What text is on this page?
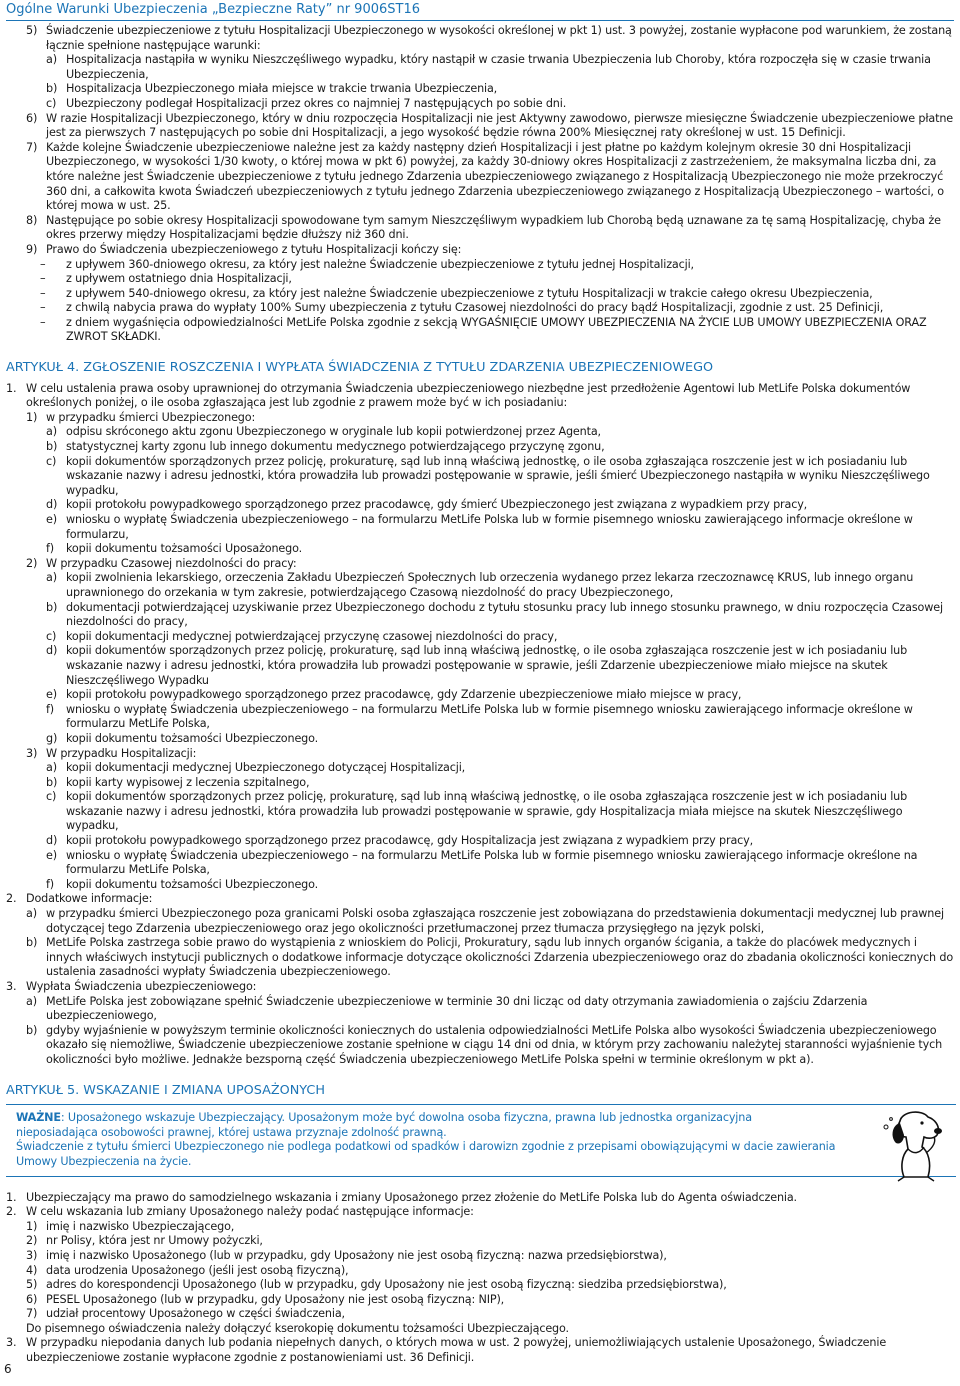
Ogólne Warunki Ubezpieczenia „Bezpieczne Raty” nr 9006ST16
5) Świadczenie ubezpieczeniowe z tytułu Hospitalizacji Ubezpieczonego w wysokości określonej w pkt 1) ust. 3 powyżej, zostanie wypłacone pod warunkiem, że zostaną łącznie spełnione następujące warunki:
a) Hospitalizacja nastąpiła w wyniku Nieszczęśliwego wypadku, który nastąpił w czasie trwania Ubezpieczenia lub Choroby, która rozpoczęła się w czasie trwania Ubezpieczenia,
b) Hospitalizacja Ubezpieczonego miała miejsce w trakcie trwania Ubezpieczenia,
c) Ubezpieczony podlegał Hospitalizacji przez okres co najmniej 7 następujących po sobie dni.
6) W razie Hospitalizacji Ubezpieczonego, który w dniu rozpoczęcia Hospitalizacji nie jest Aktywny zawodowo, pierwsze miesięczne Świadczenie ubezpieczeniowe płatne jest za pierwszych 7 następujących po sobie dni Hospitalizacji, a jego wysokość będzie równa 200% Miesięcznej raty określonej w ust. 15 Definicji.
7) Każde kolejne Świadczenie ubezpieczeniowe należne jest za każdy następny dzień Hospitalizacji i jest płatne po każdym kolejnym okresie 30 dni Hospitalizacji Ubezpieczonego, w wysokości 1/30 kwoty, o której mowa w pkt 6) powyżej, za każdy 30-dniowy okres Hospitalizacji z zastrzeżeniem, że maksymalna liczba dni, za które należne jest Świadczenie ubezpieczeniowe z tytułu jednego Zdarzenia ubezpieczeniowego związanego z Hospitalizacją Ubezpieczonego nie może przekroczyć 360 dni, a całkowita kwota Świadczeń ubezpieczeniowych z tytułu jednego Zdarzenia ubezpieczeniowego związanego z Hospitalizacją Ubezpieczonego – wartości, o której mowa w ust. 25.
8) Następujące po sobie okresy Hospitalizacji spowodowane tym samym Nieszczęśliwym wypadkiem lub Chorobą będą uznawane za tę samą Hospitalizację, chyba że okres przerwy między Hospitalizacjami będzie dłuższy niż 360 dni.
9) Prawo do Świadczenia ubezpieczeniowego z tytułu Hospitalizacji kończy się:
– z upływem 360-dniowego okresu, za który jest należne Świadczenie ubezpieczeniowe z tytułu jednej Hospitalizacji,
– z upływem ostatniego dnia Hospitalizacji,
– z upływem 540-dniowego okresu, za który jest należne Świadczenie ubezpieczeniowe z tytułu Hospitalizacji w trakcie całego okresu Ubezpieczenia,
– z chwilą nabycia prawa do wypłaty 100% Sumy ubezpieczenia z tytułu Czasowej niezdolności do pracy bądź Hospitalizacji, zgodnie z ust. 25 Definicji,
– z dniem wygaśnięcia odpowiedzialności MetLife Polska zgodnie z sekcją WYGAŚNIĘCIE UMOWY UBEZPIECZENIA NA ŻYCIE LUB UMOWY UBEZPIECZENIA ORAZ ZWROT SKŁADKI.
ARTYKUŁ 4. ZGŁOSZENIE ROSZCZENIA I WYPŁATA ŚWIADCZENIA Z TYTUŁU ZDARZENIA UBEZPIECZENIOWEGO
1. W celu ustalenia prawa osoby uprawnionej do otrzymania Świadczenia ubezpieczeniowego niezbędne jest przedłożenie Agentowi lub MetLife Polska dokumentów określonych poniżej, o ile osoba zgłaszająca jest lub zgodnie z prawem może być w ich posiadaniu:
1) w przypadku śmierci Ubezpieczonego:
a) odpisu skróconego aktu zgonu Ubezpieczonego w oryginale lub kopii potwierdzonej przez Agenta,
b) statystycznej karty zgonu lub innego dokumentu medycznego potwierdzającego przyczynę zgonu,
c) kopii dokumentów sporządzonych przez policję, prokuraturę, sąd lub inną właściwą jednostkę, o ile osoba zgłaszająca roszczenie jest w ich posiadaniu lub wskazanie nazwy i adresu jednostki, która prowadziła lub prowadzi postępowanie w sprawie, jeśli śmierć Ubezpieczonego nastąpiła w wyniku Nieszczęśliwego wypadku,
d) kopii protokołu powypadkowego sporządzonego przez pracodawcę, gdy śmierć Ubezpieczonego jest związana z wypadkiem przy pracy,
e) wniosku o wypłatę Świadczenia ubezpieczeniowego – na formularzu MetLife Polska lub w formie pisemnego wniosku zawierającego informacje określone w formularzu,
f) kopii dokumentu tożsamości Uposażonego.
2) W przypadku Czasowej niezdolności do pracy:
a) kopii zwolnienia lekarskiego, orzeczenia Zakładu Ubezpieczeń Społecznych lub orzeczenia wydanego przez lekarza rzeczoznawcę KRUS, lub innego organu uprawnionego do orzekania w tym zakresie, potwierdzającego Czasową niezdolność do pracy Ubezpieczonego,
b) dokumentacji potwierdzającej uzyskiwanie przez Ubezpieczonego dochodu z tytułu stosunku pracy lub innego stosunku prawnego, w dniu rozpoczęcia Czasowej niezdolności do pracy,
c) kopii dokumentacji medycznej potwierdzającej przyczynę czasowej niezdolności do pracy,
d) kopii dokumentów sporządzonych przez policję, prokuraturę, sąd lub inną właściwą jednostkę, o ile osoba zgłaszająca roszczenie jest w ich posiadaniu lub wskazanie nazwy i adresu jednostki, która prowadziła lub prowadzi postępowanie w sprawie, jeśli Zdarzenie ubezpieczeniowe miało miejsce na skutek Nieszczęśliwego Wypadku
e) kopii protokołu powypadkowego sporządzonego przez pracodawcę, gdy Zdarzenie ubezpieczeniowe miało miejsce w pracy,
f) wniosku o wypłatę Świadczenia ubezpieczeniowego – na formularzu MetLife Polska lub w formie pisemnego wniosku zawierającego informacje określone w formularzu MetLife Polska,
g) kopii dokumentu tożsamości Ubezpieczonego.
3) W przypadku Hospitalizacji:
a) kopii dokumentacji medycznej Ubezpieczonego dotyczącej Hospitalizacji,
b) kopii karty wypisowej z leczenia szpitalnego,
c) kopii dokumentów sporządzonych przez policję, prokuraturę, sąd lub inną właściwą jednostkę, o ile osoba zgłaszająca roszczenie jest w ich posiadaniu lub wskazanie nazwy i adresu jednostki, która prowadziła lub prowadzi postępowanie w sprawie, gdy Hospitalizacja miała miejsce na skutek Nieszczęśliwego wypadku,
d) kopii protokołu powypadkowego sporządzonego przez pracodawcę, gdy Hospitalizacja jest związana z wypadkiem przy pracy,
e) wniosku o wypłatę Świadczenia ubezpieczeniowego – na formularzu MetLife Polska lub w formie pisemnego wniosku zawierającego informacje określone na formularzu MetLife Polska,
f) kopii dokumentu tożsamości Ubezpieczonego.
2. Dodatkowe informacje:
a) w przypadku śmierci Ubezpieczonego poza granicami Polski osoba zgłaszająca roszczenie jest zobowiązana do przedstawienia dokumentacji medycznej lub prawnej dotyczącej tego Zdarzenia ubezpieczeniowego oraz jego okoliczności przetłumaczonej przez tłumacza przysięgłego na język polski,
b) MetLife Polska zastrzega sobie prawo do wystąpienia z wnioskiem do Policji, Prokuratury, sądu lub innych organów ścigania, a także do placówek medycznych i innych właściwych instytucji publicznych o dodatkowe informacje dotyczące okoliczności Zdarzenia ubezpieczeniowego oraz do zbadania okoliczności koniecznych do ustalenia zasadności wypłaty Świadczenia ubezpieczeniowego.
3. Wypłata Świadczenia ubezpieczeniowego:
a) MetLife Polska jest zobowiązane spełnić Świadczenie ubezpieczeniowe w terminie 30 dni licząc od daty otrzymania zawiadomienia o zajściu Zdarzenia ubezpieczeniowego,
b) gdyby wyjaśnienie w powyższym terminie okoliczności koniecznych do ustalenia odpowiedzialności MetLife Polska albo wysokości Świadczenia ubezpieczeniowego okazało się niemożliwe, Świadczenie ubezpieczeniowe zostanie spełnione w ciągu 14 dni od dnia, w którym przy zachowaniu należytej staranności wyjaśnienie tych okoliczności było możliwe. Jednakże bezsporną część Świadczenia ubezpieczeniowego MetLife Polska spełni w terminie określonym w pkt a).
ARTYKUŁ 5. WSKAZANIE I ZMIANA UPOSAŻONYCH
WAŻNE: Uposażonego wskazuje Ubezpieczający. Uposażonym może być dowolna osoba fizyczna, prawna lub jednostka organizacyjna nieposiadająca osobowości prawnej, której ustawa przyznaje zdolność prawną.
Świadczenie z tytułu śmierci Ubezpieczonego nie podlega podatkowi od spadków i darowizn zgodnie z przepisami obowiązującymi w dacie zawierania Umowy Ubezpieczenia na życie.
1. Ubezpieczający ma prawo do samodzielnego wskazania i zmiany Uposażonego przez złożenie do MetLife Polska lub do Agenta oświadczenia.
2. W celu wskazania lub zmiany Uposażonego należy podać następujące informacje:
1) imię i nazwisko Ubezpieczającego,
2) nr Polisy, która jest nr Umowy pożyczki,
3) imię i nazwisko Uposażonego (lub w przypadku, gdy Uposażony nie jest osobą fizyczną: nazwa przedsiębiorstwa),
4) data urodzenia Uposażonego (jeśli jest osobą fizyczną),
5) adres do korespondencji Uposażonego (lub w przypadku, gdy Uposażony nie jest osobą fizyczną: siedziba przedsiębiorstwa),
6) PESEL Uposażonego (lub w przypadku, gdy Uposażony nie jest osobą fizyczną: NIP),
7) udział procentowy Uposażonego w części świadczenia,
Do pisemnego oświadczenia należy dołączyć kserokopię dokumentu tożsamości Ubezpieczającego.
3. W przypadku niepodania danych lub podania niepełnych danych, o których mowa w ust. 2 powyżej, uniemożliwiających ustalenie Uposażonego, Świadczenie ubezpieczeniowe zostanie wypłacone zgodnie z postanowieniami ust. 36 Definicji.
6
